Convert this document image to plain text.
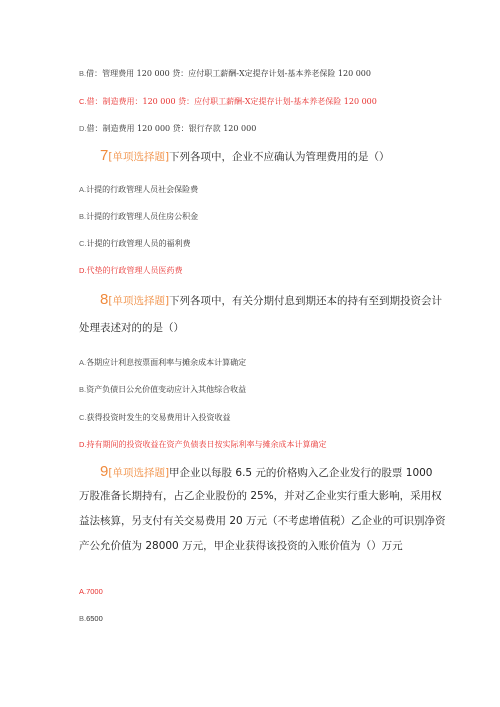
B.借：管理费用 120 000 贷：应付职工薪酬-X定提存计划-基本养老保险 120 000
C.借：制造费用：120 000 贷：应付职工薪酬-X定提存计划-基本养老保险 120 000
D.借：制造费用 120 000 贷：银行存款 120 000
7[单项选择题]下列各项中，企业不应确认为管理费用的是（）
A.计提的行政管理人员社会保险费
B.计提的行政管理人员住房公积金
C.计提的行政管理人员的福利费
D.代垫的行政管理人员医药费
8[单项选择题]下列各项中，有关分期付息到期还本的持有至到期投资会计
处理表述对的的是（）
A.各期应计利息按票面利率与摊余成本计算确定
B.资产负债日公允价值变动应计入其他综合收益
C.获得投资时发生的交易费用计入投资收益
D.持有期间的投资收益在资产负债表日按实际利率与摊余成本计算确定
9[单项选择题]甲企业以每股 6.5 元的价格购入乙企业发行的股票 1000
万股准备长期持有，占乙企业股份的 25%，并对乙企业实行重大影响，采用权
益法核算，另支付有关交易费用 20 万元（不考虑增值税）乙企业的可识别净资
产公允价值为 28000 万元，甲企业获得该投资的入账价值为（）万元
A.7000
B.6500
